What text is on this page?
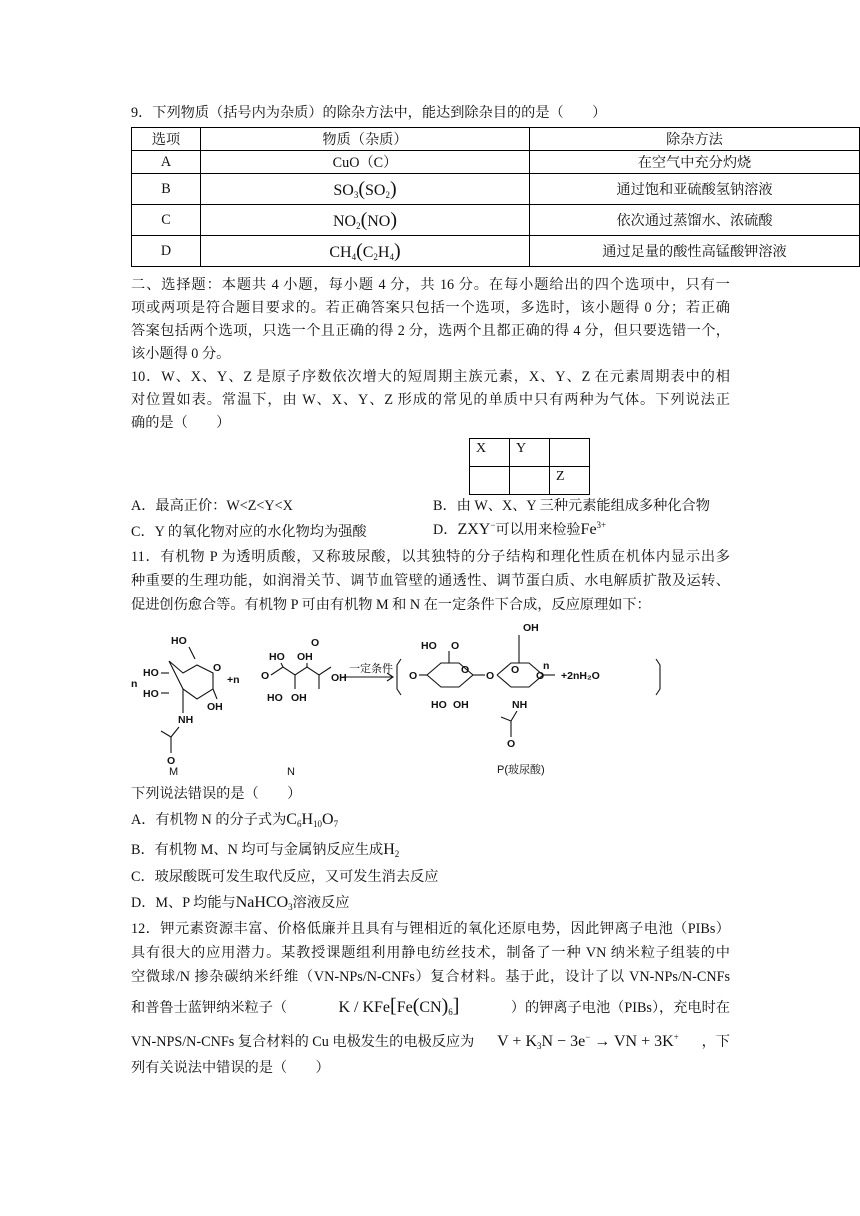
9．下列物质（括号内为杂质）的除杂方法中，能达到除杂目的的是（　　）
选项	物质（杂质）	除杂方法
A	CuO（C）	在空气中充分灼烧
B	$SO_3(SO_2)$	通过饱和亚硫酸氢钠溶液
C	$NO_2(NO)$	依次通过蒸馏水、浓硫酸
D	$CH_4(C_2H_4)$	通过足量的酸性高锰酸钾溶液
二、选择题：本题共 4 小题，每小题 4 分，共 16 分。在每小题给出的四个选项中，只有一
项或两项是符合题目要求的。若正确答案只包括一个选项，多选时，该小题得 0 分；若正确
答案包括两个选项，只选一个且正确的得 2 分，选两个且都正确的得 4 分，但只要选错一个，
该小题得 0 分。
10．W、X、Y、Z 是原子序数依次增大的短周期主族元素，X、Y、Z 在元素周期表中的相
对位置如表。常温下，由 W、X、Y、Z 形成的常见的单质中只有两种为气体。下列说法正
确的是（　　）
X	Y	
		Z
A．最高正价：W<Z<Y<X	B．由 W、X、Y 三种元素能组成多种化合物
C．Y 的氧化物对应的水化物均为强酸	D．ZXY−可以用来检验$Fe^{3+}$
11．有机物 P 为透明质酸，又称玻尿酸，以其独特的分子结构和理化性质在机体内显示出多
种重要的生理功能，如润滑关节、调节血管壁的通透性、调节蛋白质、水电解质扩散及运转、
促进创伤愈合等。有机物 P 可由有机物 M 和 N 在一定条件下合成，反应原理如下：
n
HO
O
HO
HO
OH
NH
O
M
+n
HO OH
O
O	OH
HO OH
N
一定条件
O
O
HO
O
HO OH
O
OH
O O
NH
O
n
+2nH₂O
P(玻尿酸)
下列说法错误的是（　　）
A．有机物 N 的分子式为$C_6H_{10}O_7$
B．有机物 M、N 均可与金属钠反应生成$H_2$
C．玻尿酸既可发生取代反应，又可发生消去反应
D．M、P 均能与NaHCO$_3$溶液反应
12．钾元素资源丰富、价格低廉并且具有与锂相近的氧化还原电势，因此钾离子电池（PIBs）
具有很大的应用潜力。某教授课题组利用静电纺丝技术，制备了一种 VN 纳米粒子组装的中
空微球/N 掺杂碳纳米纤维（VN-NPs/N-CNFs）复合材料。基于此，设计了以 VN-NPs/N-CNFs
和普鲁士蓝钾纳米粒子（	K / $KFe[Fe(CN)_6]$	）的钾离子电池（PIBs），充电时在
VN-NPS/N-CNFs 复合材料的 Cu 电极发生的电极反应为 $V + K_3N - 3e^-$ → VN + 3K+ ，下
列有关说法中错误的是（　　）
